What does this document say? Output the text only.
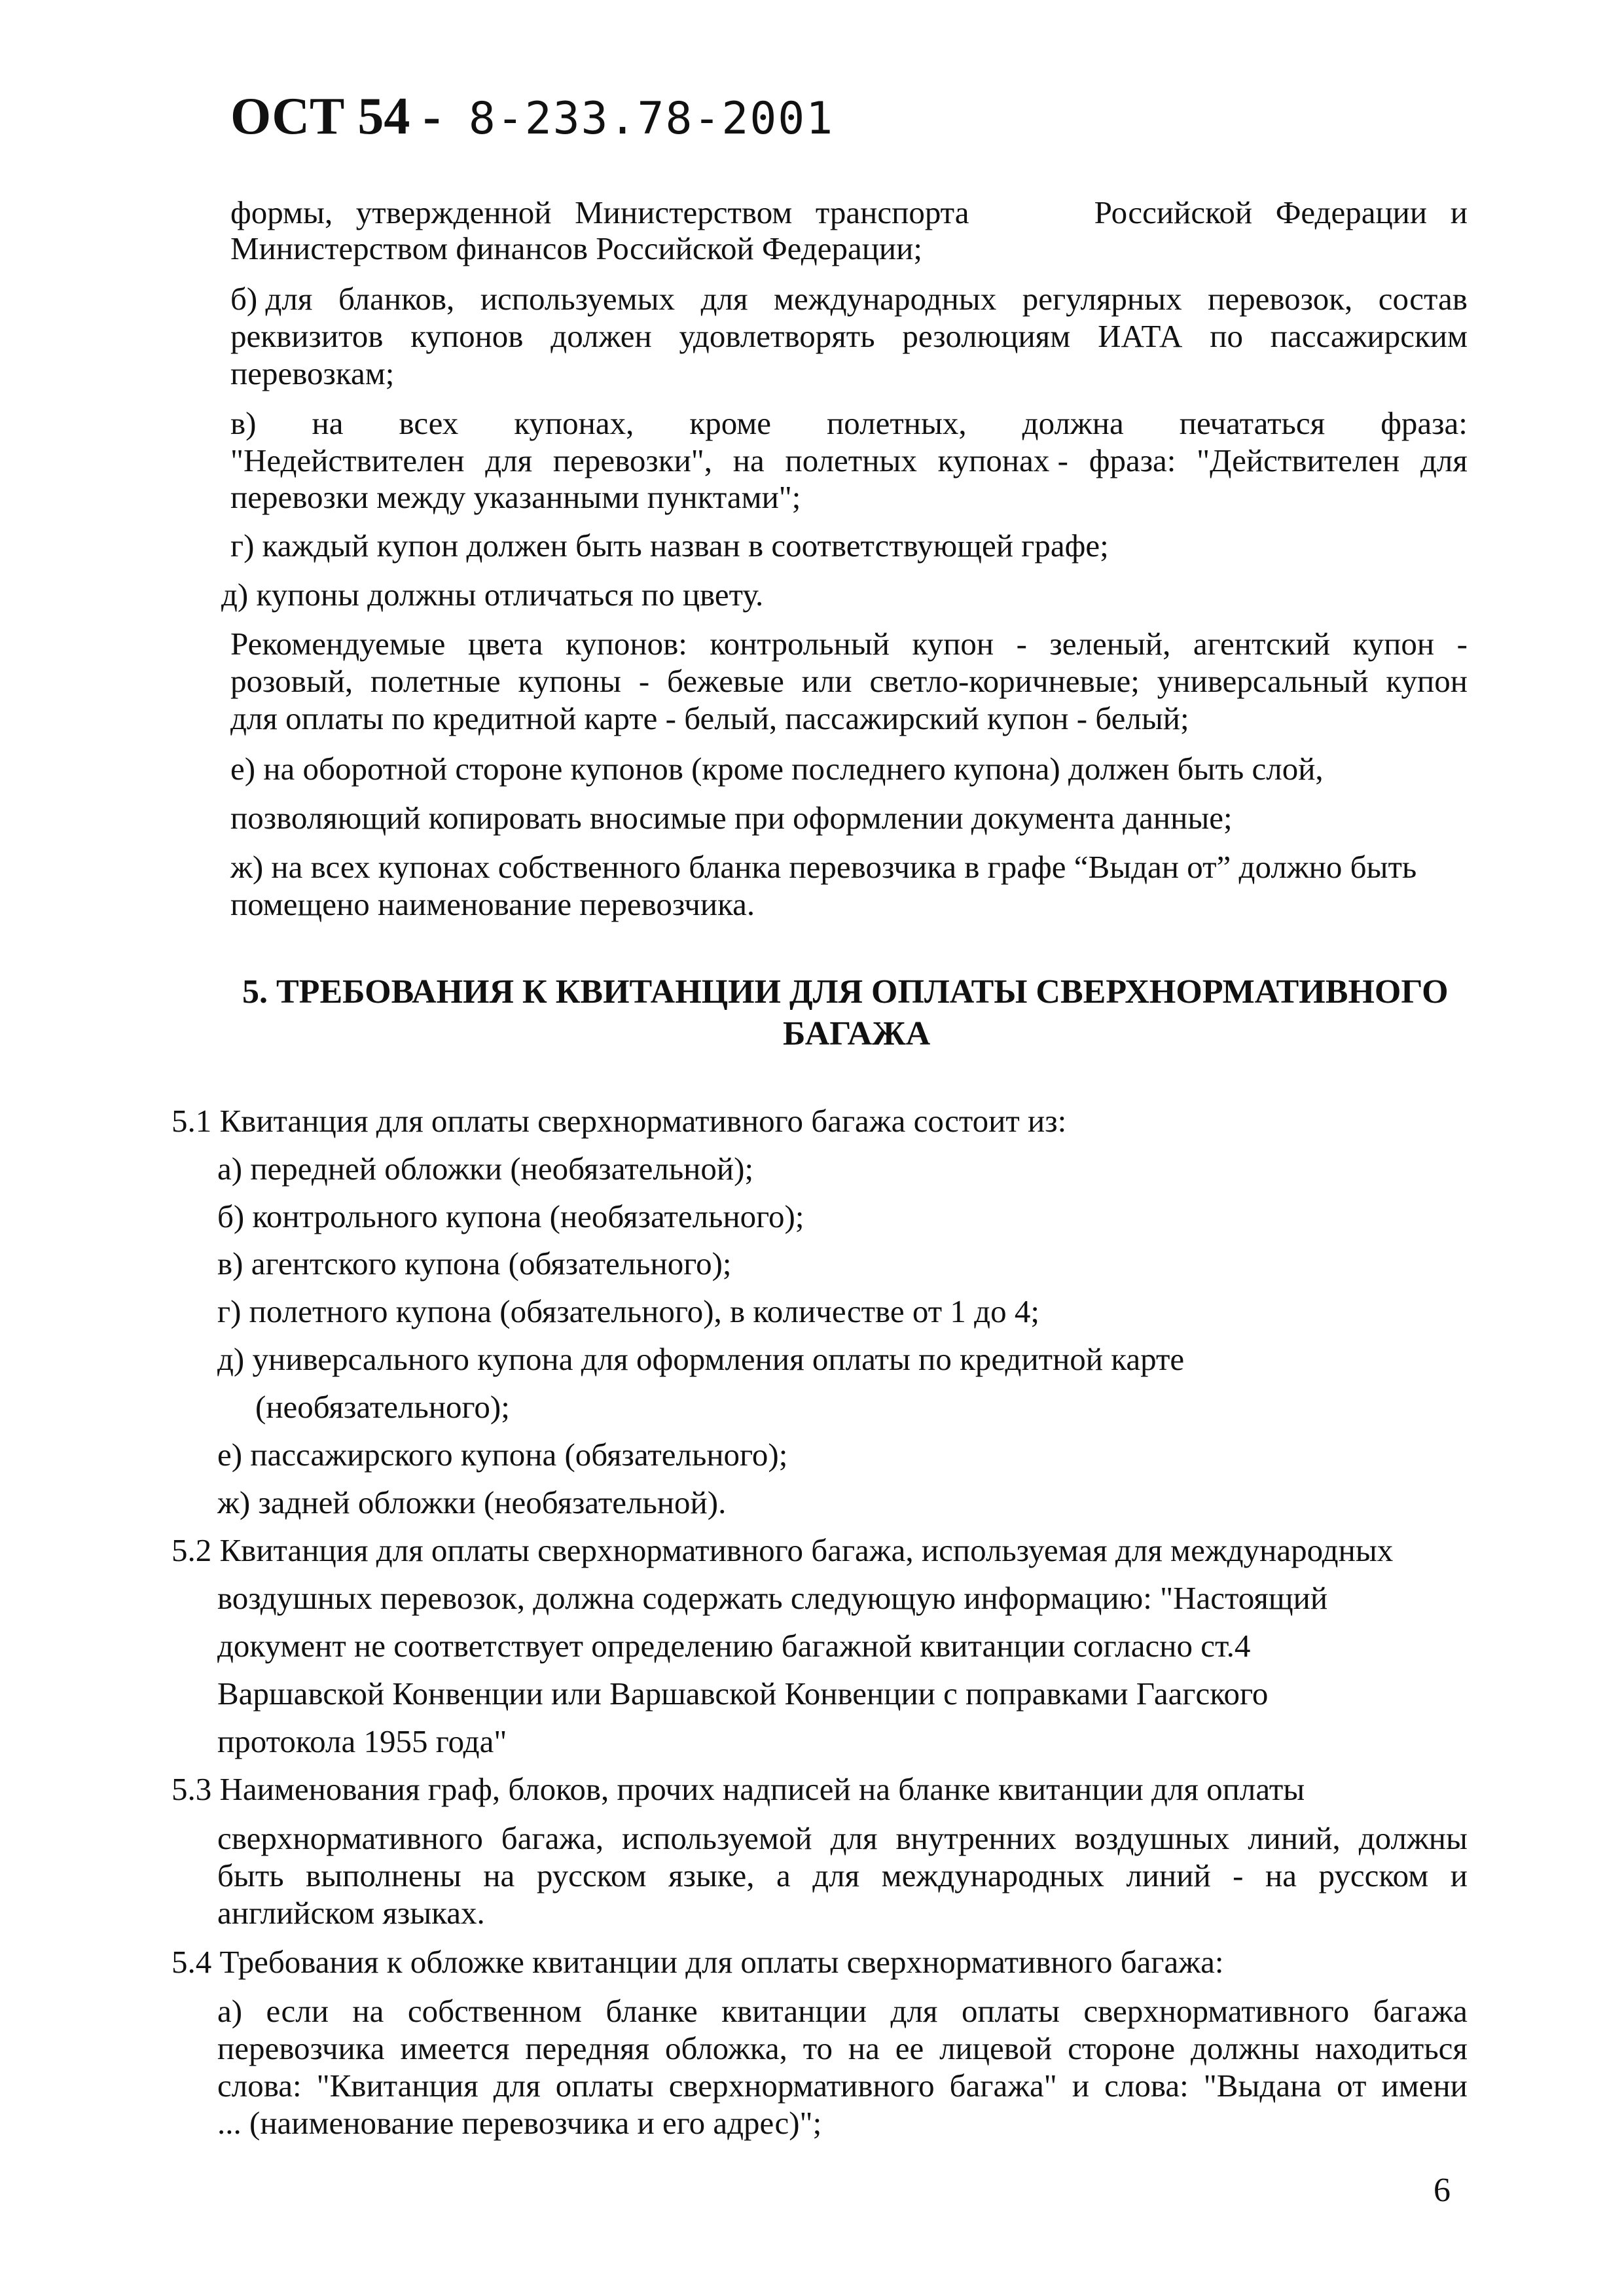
ОСТ 54 - 8-233.78-2001
формы, утвержденной Министерством транспорта	Российской Федерации и
Министерством финансов Российской Федерации;
б) для бланков, используемых для международных регулярных перевозок, состав
реквизитов купонов должен удовлетворять резолюциям ИАТА по пассажирским
перевозкам;
в) на всех купонах, кроме полетных, должна печататься фраза:
"Недействителен для перевозки", на полетных купонах - фраза: "Действителен для
перевозки между указанными пунктами";
г) каждый купон должен быть назван в соответствующей графе;
д) купоны должны отличаться по цвету.
Рекомендуемые цвета купонов: контрольный купон - зеленый, агентский купон -
розовый, полетные купоны - бежевые или светло-коричневые; универсальный купон
для оплаты по кредитной карте - белый, пассажирский купон - белый;
е) на оборотной стороне купонов (кроме последнего купона) должен быть слой,
позволяющий копировать вносимые при оформлении документа данные;
ж) на всех купонах собственного бланка перевозчика в графе “Выдан от” должно быть
помещено наименование перевозчика.
5. ТРЕБОВАНИЯ К КВИТАНЦИИ ДЛЯ ОПЛАТЫ СВЕРХНОРМАТИВНОГО
БАГАЖА
5.1 Квитанция для оплаты сверхнормативного багажа состоит из:
а) передней обложки (необязательной);
б) контрольного купона (необязательного);
в) агентского купона (обязательного);
г) полетного купона (обязательного), в количестве от 1 до 4;
д) универсального купона для оформления оплаты по кредитной карте
(необязательного);
е) пассажирского купона (обязательного);
ж) задней обложки (необязательной).
5.2 Квитанция для оплаты сверхнормативного багажа, используемая для международных
воздушных перевозок, должна содержать следующую информацию: "Настоящий
документ не соответствует определению багажной квитанции согласно ст.4
Варшавской Конвенции или Варшавской Конвенции с поправками Гаагского
протокола 1955 года"
5.3 Наименования граф, блоков, прочих надписей на бланке квитанции для оплаты
сверхнормативного багажа, используемой для внутренних воздушных линий, должны
быть выполнены на русском языке, а для международных линий - на русском и
английском языках.
5.4 Требования к обложке квитанции для оплаты сверхнормативного багажа:
а) если на собственном бланке квитанции для оплаты сверхнормативного багажа
перевозчика имеется передняя обложка, то на ее лицевой стороне должны находиться
слова: "Квитанция для оплаты сверхнормативного багажа" и слова: "Выдана от имени
... (наименование перевозчика и его адрес)";
6
